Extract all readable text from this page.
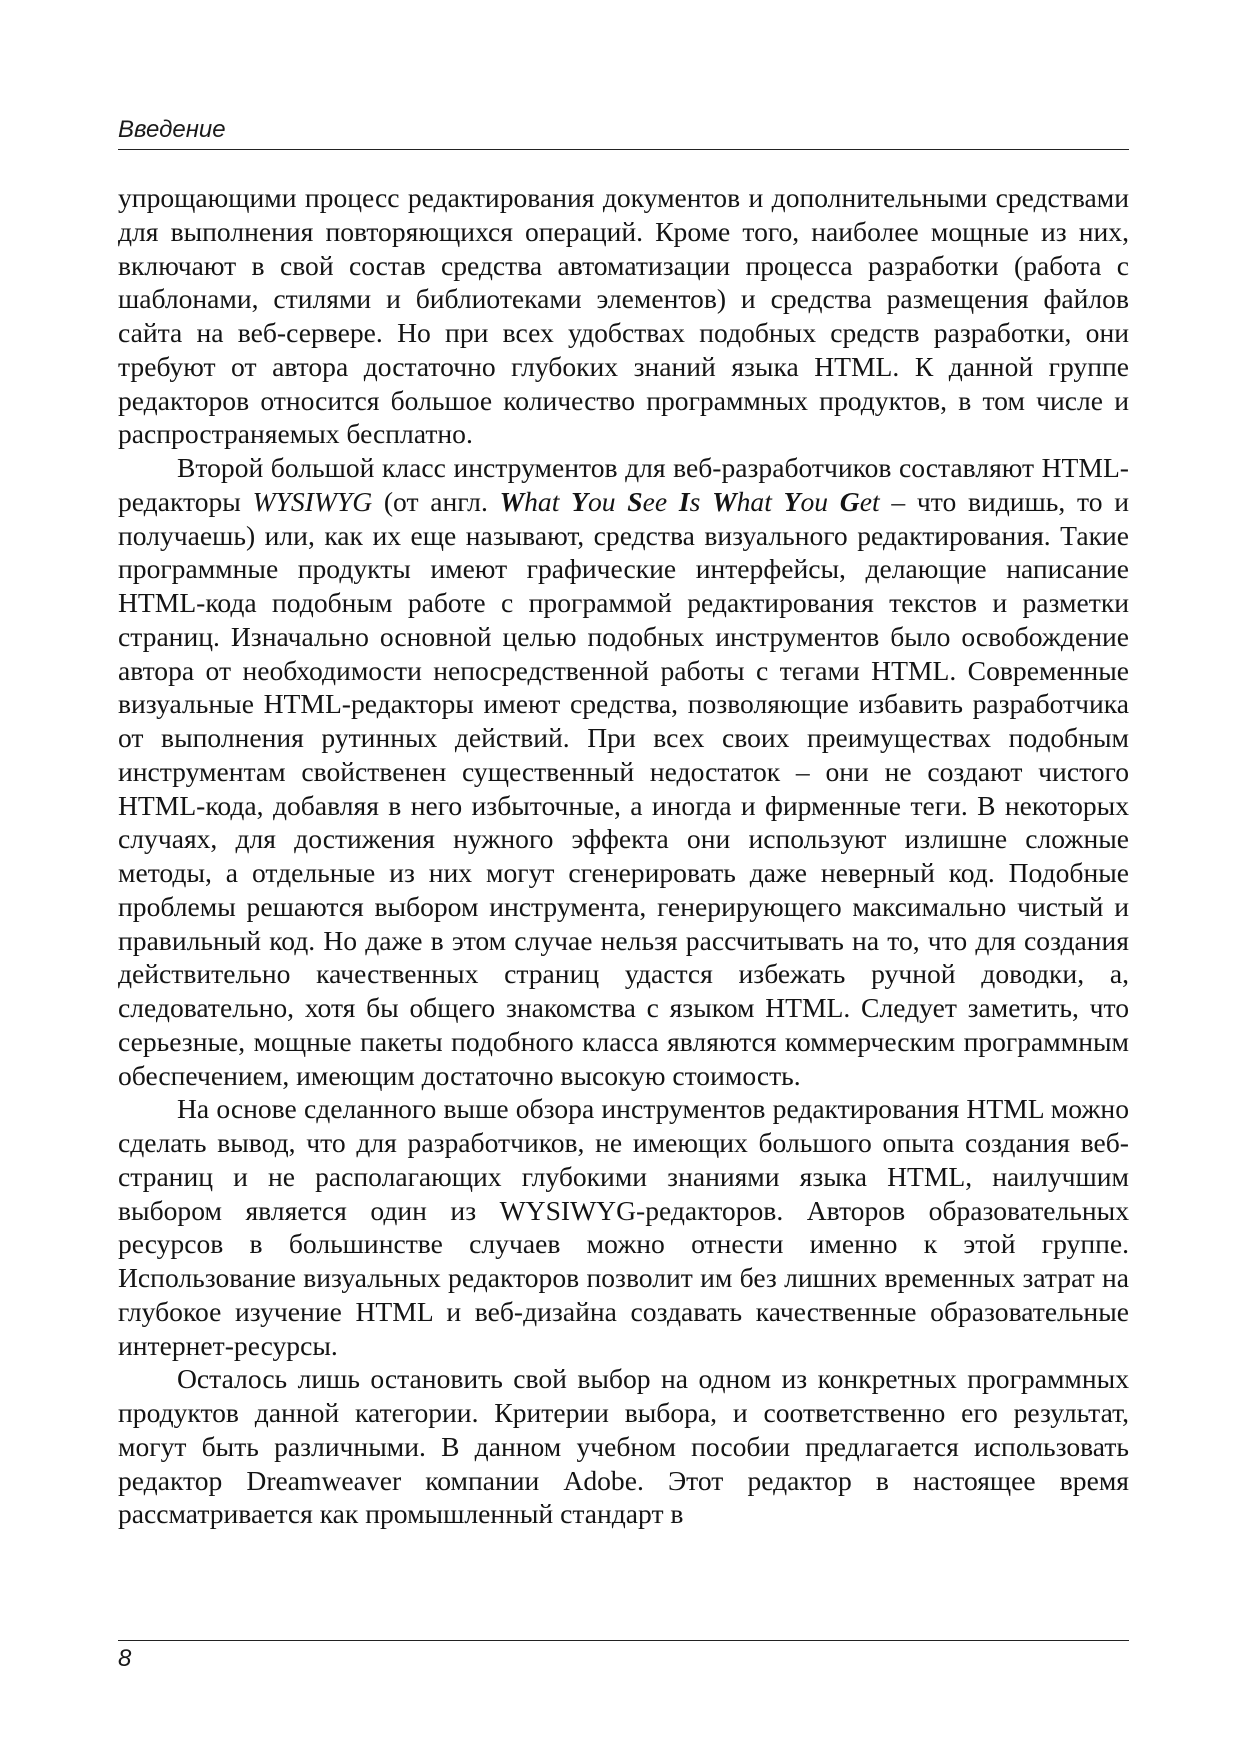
Введение

упрощающими процесс редактирования документов и дополнительными средствами для выполнения повторяющихся операций. Кроме того, наиболее мощные из них, включают в свой состав средства автоматизации процесса разработки (работа с шаблонами, стилями и библиотеками элементов) и средства размещения файлов сайта на веб-сервере. Но при всех удобствах подобных средств разработки, они требуют от автора достаточно глубоких знаний языка HTML. К данной группе редакторов относится большое количество программных продуктов, в том числе и распространяемых бесплатно.

Второй большой класс инструментов для веб-разработчиков составляют HTML-редакторы WYSIWYG (от англ. What You See Is What You Get – что видишь, то и получаешь) или, как их еще называют, средства визуального редактирования. Такие программные продукты имеют графические интерфейсы, делающие написание HTML-кода подобным работе с программой редактирования текстов и разметки страниц. Изначально основной целью подобных инструментов было освобождение автора от необходимости непосредственной работы с тегами HTML. Современные визуальные HTML-редакторы имеют средства, позволяющие избавить разработчика от выполнения рутинных действий. При всех своих преимуществах подобным инструментам свойственен существенный недостаток – они не создают чистого HTML-кода, добавляя в него избыточные, а иногда и фирменные теги. В некоторых случаях, для достижения нужного эффекта они используют излишне сложные методы, а отдельные из них могут сгенерировать даже неверный код. Подобные проблемы решаются выбором инструмента, генерирующего максимально чистый и правильный код. Но даже в этом случае нельзя рассчитывать на то, что для создания действительно качественных страниц удастся избежать ручной доводки, а, следовательно, хотя бы общего знакомства с языком HTML. Следует заметить, что серьезные, мощные пакеты подобного класса являются коммерческим программным обеспечением, имеющим достаточно высокую стоимость.

На основе сделанного выше обзора инструментов редактирования HTML можно сделать вывод, что для разработчиков, не имеющих большого опыта создания веб-страниц и не располагающих глубокими знаниями языка HTML, наилучшим выбором является один из WYSIWYG-редакторов. Авторов образовательных ресурсов в большинстве случаев можно отнести именно к этой группе. Использование визуальных редакторов позволит им без лишних временных затрат на глубокое изучение HTML и веб-дизайна создавать качественные образовательные интернет-ресурсы.

Осталось лишь остановить свой выбор на одном из конкретных программных продуктов данной категории. Критерии выбора, и соответственно его результат, могут быть различными. В данном учебном пособии предлагается использовать редактор Dreamweaver компании Adobe. Этот редактор в настоящее время рассматривается как промышленный стандарт в

8
